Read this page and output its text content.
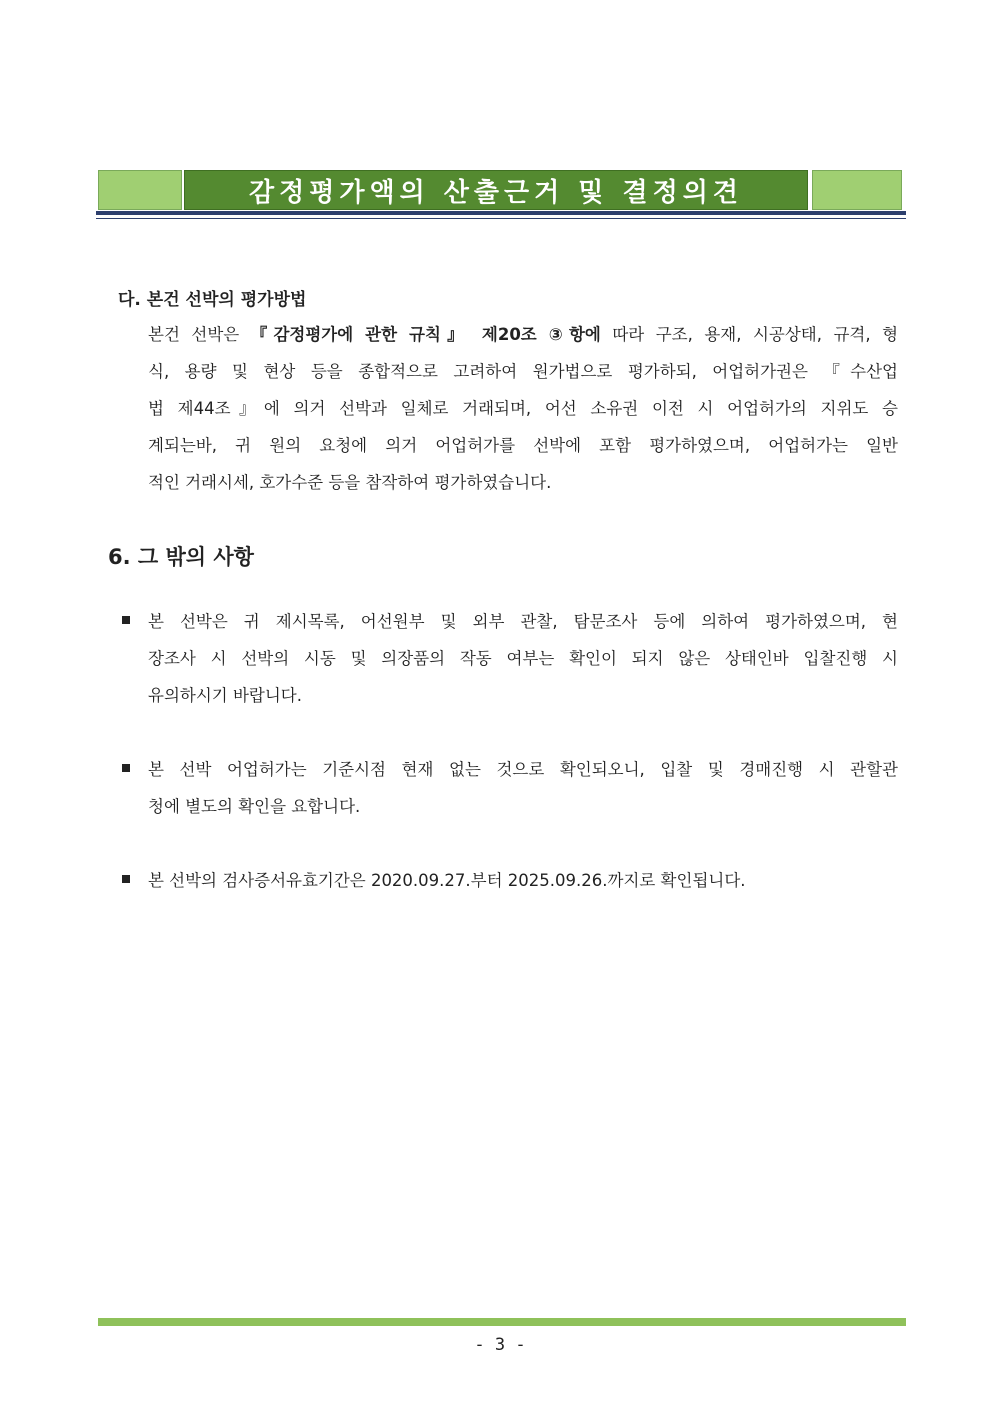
감정평가액의 산출근거 및 결정의견
다. 본건 선박의 평가방법
본건 선박은 『감정평가에 관한 규칙』 제20조 ③항에 따라 구조, 용재, 시공상태, 규격, 형
식, 용량 및 현상 등을 종합적으로 고려하여 원가법으로 평가하되, 어업허가권은 『수산업
법 제44조』에 의거 선박과 일체로 거래되며, 어선 소유권 이전 시 어업허가의 지위도 승
계되는바, 귀 원의 요청에 의거 어업허가를 선박에 포함 평가하였으며, 어업허가는 일반
적인 거래시세, 호가수준 등을 참작하여 평가하였습니다.
6. 그 밖의 사항
본 선박은 귀 제시목록, 어선원부 및 외부 관찰, 탐문조사 등에 의하여 평가하였으며, 현
장조사 시 선박의 시동 및 의장품의 작동 여부는 확인이 되지 않은 상태인바 입찰진행 시
유의하시기 바랍니다.
본 선박 어업허가는 기준시점 현재 없는 것으로 확인되오니, 입찰 및 경매진행 시 관할관
청에 별도의 확인을 요합니다.
본 선박의 검사증서유효기간은 2020.09.27.부터 2025.09.26.까지로 확인됩니다.
- 3 -
